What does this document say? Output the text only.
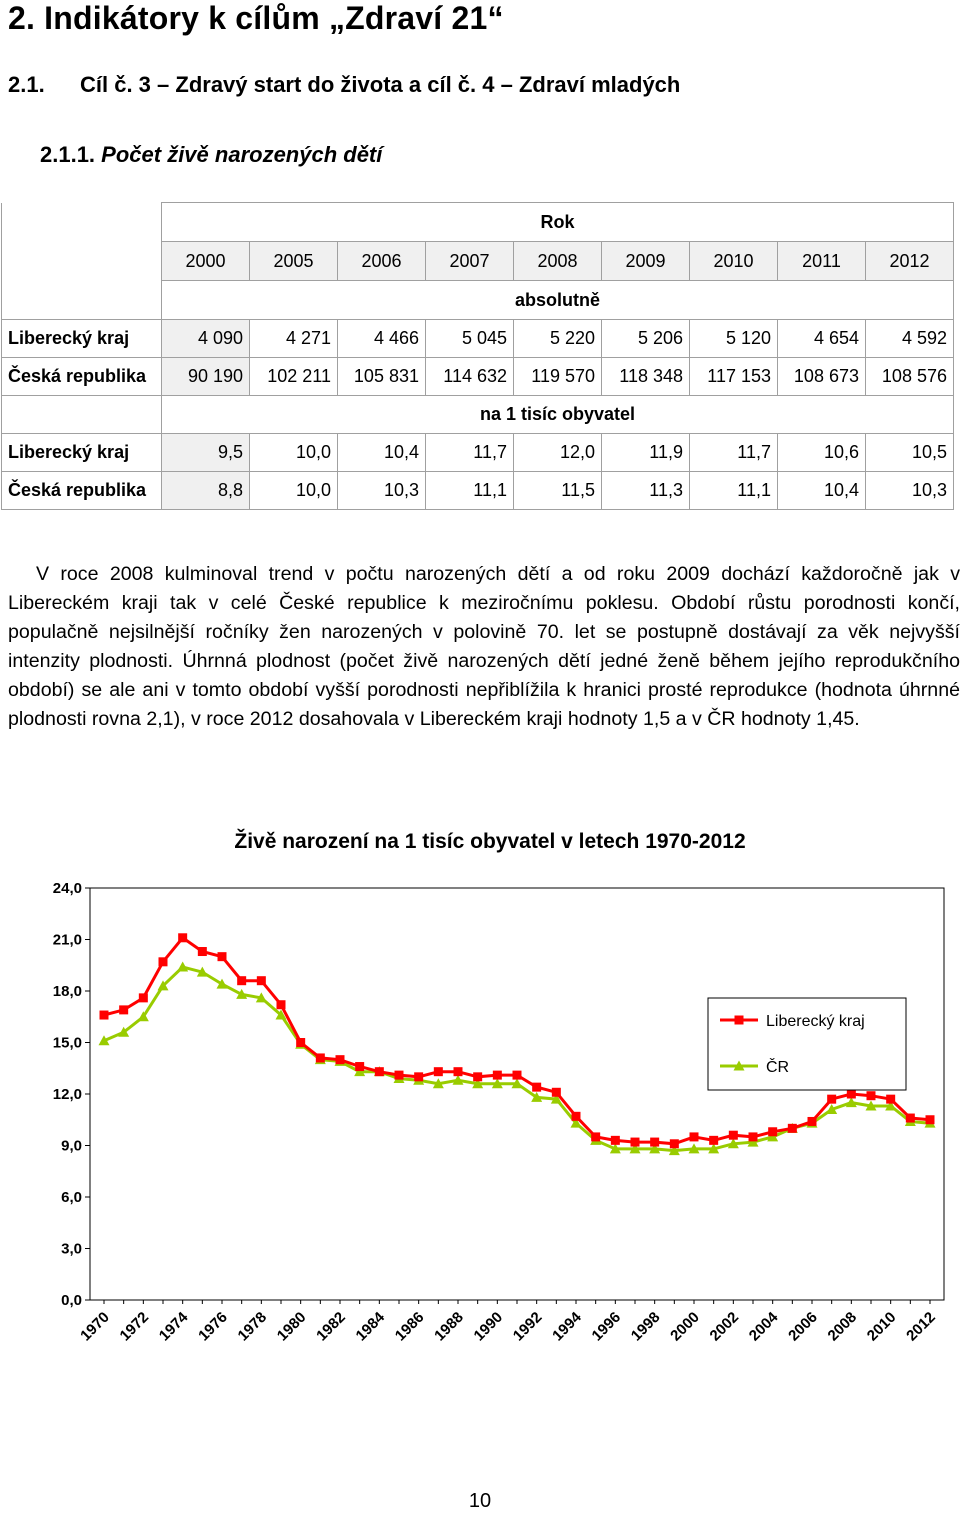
2. Indikátory k cílům „Zdraví 21“
2.1. Cíl č. 3 – Zdravý start do života a cíl č. 4 – Zdraví mladých
2.1.1. Počet živě narozených dětí
	Rok								
	2000	2005	2006	2007	2008	2009	2010	2011	2012
	absolutně								
Liberecký kraj	4 090	4 271	4 466	5 045	5 220	5 206	5 120	4 654	4 592
Česká republika	90 190	102 211	105 831	114 632	119 570	118 348	117 153	108 673	108 576
	na 1 tisíc obyvatel								
Liberecký kraj	9,5	10,0	10,4	11,7	12,0	11,9	11,7	10,6	10,5
Česká republika	8,8	10,0	10,3	11,1	11,5	11,3	11,1	10,4	10,3

V roce 2008 kulminoval trend v počtu narozených dětí a od roku 2009 dochází každoročně jak v Libereckém kraji tak v celé České republice k meziročnímu poklesu. Období růstu porodnosti končí, populačně nejsilnější ročníky žen narozených v polovině 70. let se postupně dostávají za věk nejvyšší intenzity plodnosti. Úhrnná plodnost (počet živě narozených dětí jedné ženě během jejího reprodukčního období) se ale ani v tomto období vyšší porodnosti nepřiblížila k hranici prosté reprodukce (hodnota úhrnné plodnosti rovna 2,1), v roce 2012 dosahovala v Libereckém kraji hodnoty 1,5 a v ČR hodnoty 1,45.

Živě narození na 1 tisíc obyvatel v letech 1970-2012
0,0
3,0
6,0
9,0
12,0
15,0
18,0
21,0
24,0
1970 1972 1974 1976 1978 1980 1982 1984 1986 1988 1990 1992 1994 1996 1998 2000 2002 2004 2006 2008 2010 2012
Liberecký kraj
ČR
10
